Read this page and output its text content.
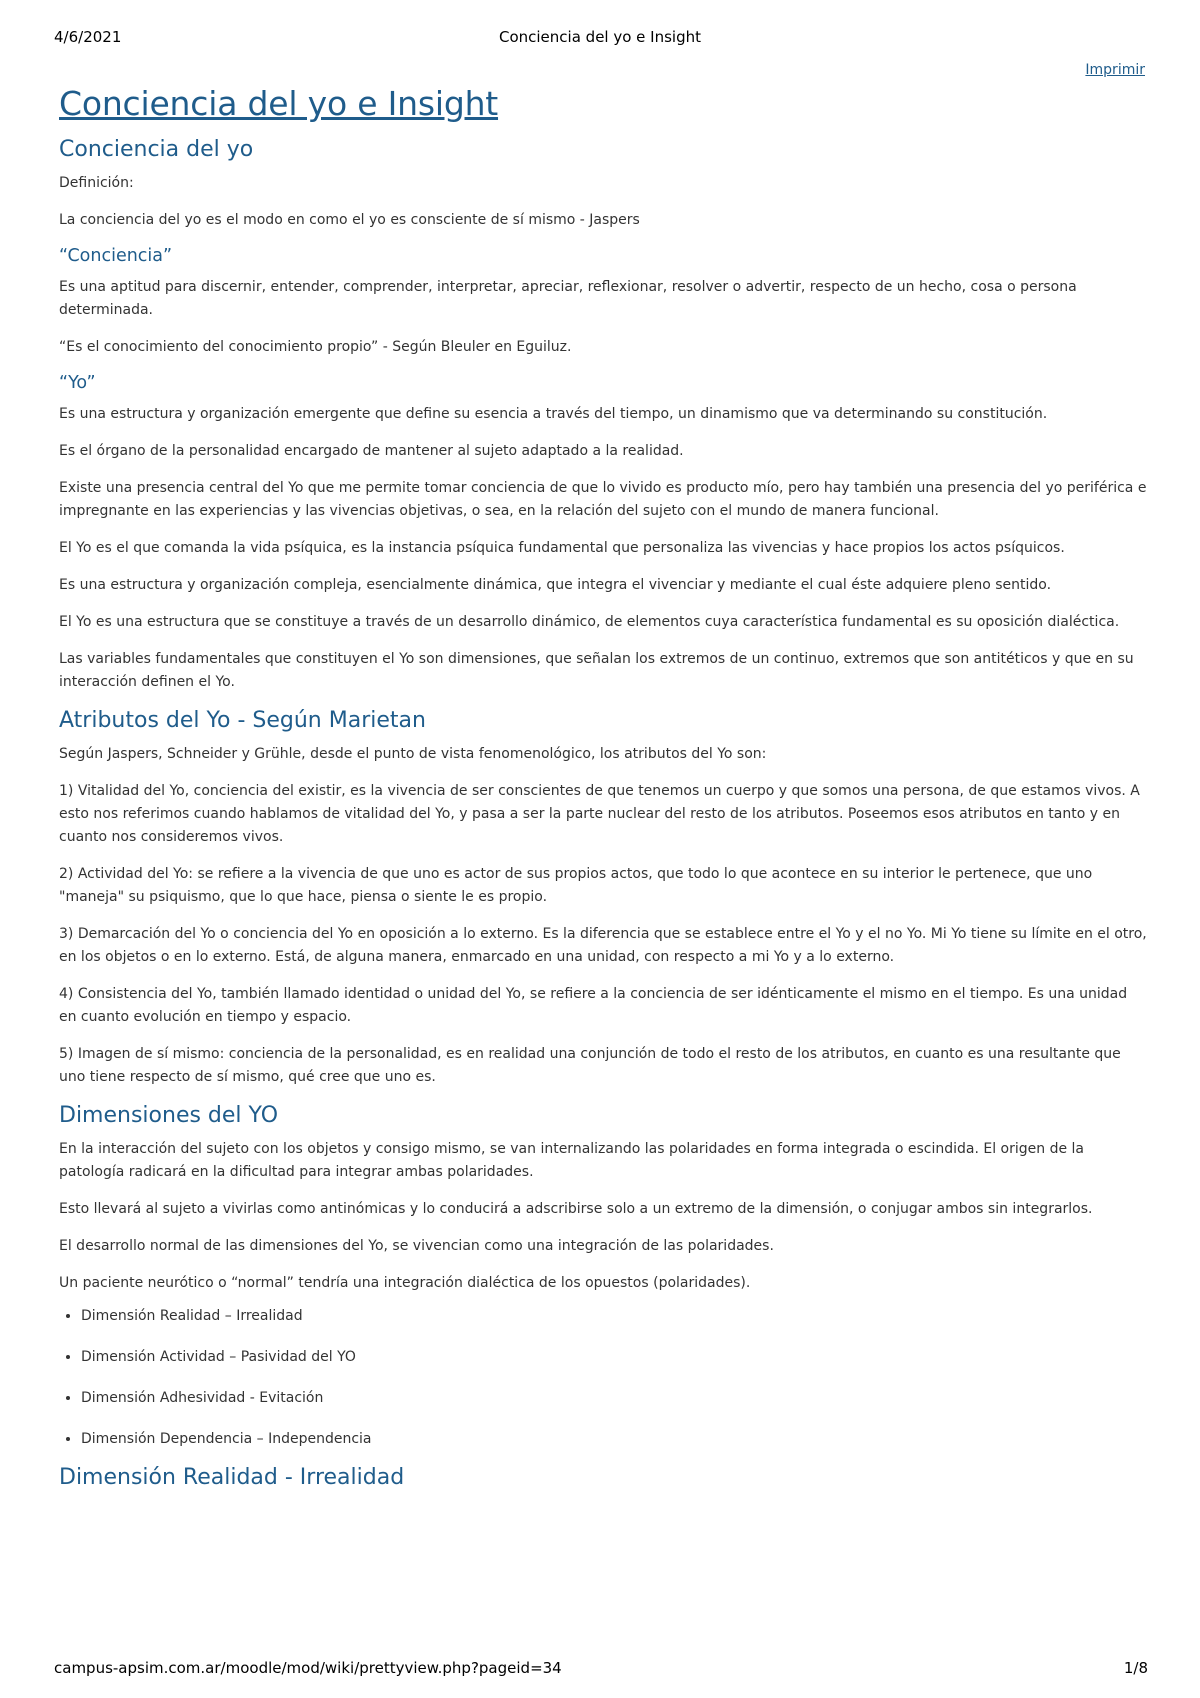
4/6/2021	Conciencia del yo e Insight
Imprimir
Conciencia del yo e Insight
Conciencia del yo

Definición:

La conciencia del yo es el modo en como el yo es consciente de sí mismo - Jaspers

“Conciencia”

Es una aptitud para discernir, entender, comprender, interpretar, apreciar, reflexionar, resolver o advertir, respecto de un hecho, cosa o persona determinada.

“Es el conocimiento del conocimiento propio” - Según Bleuler en Eguiluz.

“Yo”

Es una estructura y organización emergente que define su esencia a través del tiempo, un dinamismo que va determinando su constitución.

Es el órgano de la personalidad encargado de mantener al sujeto adaptado a la realidad.

Existe una presencia central del Yo que me permite tomar conciencia de que lo vivido es producto mío, pero hay también una presencia del yo periférica e impregnante en las experiencias y las vivencias objetivas, o sea, en la relación del sujeto con el mundo de manera funcional.

El Yo es el que comanda la vida psíquica, es la instancia psíquica fundamental que personaliza las vivencias y hace propios los actos psíquicos.

Es una estructura y organización compleja, esencialmente dinámica, que integra el vivenciar y mediante el cual éste adquiere pleno sentido.

El Yo es una estructura que se constituye a través de un desarrollo dinámico, de elementos cuya característica fundamental es su oposición dialéctica.

Las variables fundamentales que constituyen el Yo son dimensiones, que señalan los extremos de un continuo, extremos que son antitéticos y que en su interacción definen el Yo.

Atributos del Yo - Según Marietan

Según Jaspers, Schneider y Grühle, desde el punto de vista fenomenológico, los atributos del Yo son:

1) Vitalidad del Yo, conciencia del existir, es la vivencia de ser conscientes de que tenemos un cuerpo y que somos una persona, de que estamos vivos. A esto nos referimos cuando hablamos de vitalidad del Yo, y pasa a ser la parte nuclear del resto de los atributos. Poseemos esos atributos en tanto y en cuanto nos consideremos vivos.

2) Actividad del Yo: se refiere a la vivencia de que uno es actor de sus propios actos, que todo lo que acontece en su interior le pertenece, que uno "maneja" su psiquismo, que lo que hace, piensa o siente le es propio.

3) Demarcación del Yo o conciencia del Yo en oposición a lo externo. Es la diferencia que se establece entre el Yo y el no Yo. Mi Yo tiene su límite en el otro, en los objetos o en lo externo. Está, de alguna manera, enmarcado en una unidad, con respecto a mi Yo y a lo externo.

4) Consistencia del Yo, también llamado identidad o unidad del Yo, se refiere a la conciencia de ser idénticamente el mismo en el tiempo. Es una unidad en cuanto evolución en tiempo y espacio.

5) Imagen de sí mismo: conciencia de la personalidad, es en realidad una conjunción de todo el resto de los atributos, en cuanto es una resultante que uno tiene respecto de sí mismo, qué cree que uno es.

Dimensiones del YO

En la interacción del sujeto con los objetos y consigo mismo, se van internalizando las polaridades en forma integrada o escindida. El origen de la patología radicará en la dificultad para integrar ambas polaridades.

Esto llevará al sujeto a vivirlas como antinómicas y lo conducirá a adscribirse solo a un extremo de la dimensión, o conjugar ambos sin integrarlos.

El desarrollo normal de las dimensiones del Yo, se vivencian como una integración de las polaridades.

Un paciente neurótico o “normal” tendría una integración dialéctica de los opuestos (polaridades).

• Dimensión Realidad – Irrealidad
• Dimensión Actividad – Pasividad del YO
• Dimensión Adhesividad - Evitación
• Dimensión Dependencia – Independencia
Dimensión Realidad - Irrealidad
campus-apsim.com.ar/moodle/mod/wiki/prettyview.php?pageid=34	1/8
